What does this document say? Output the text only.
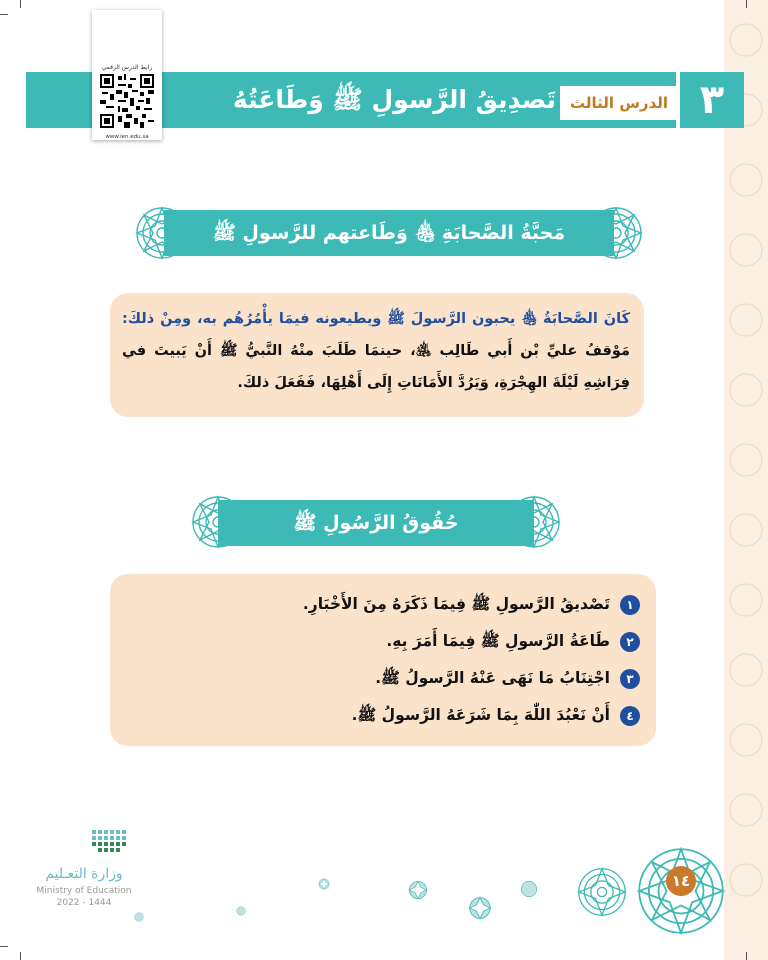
تَصدِيقُ الرَّسولِ ﷺ وَطَاعَتُهُ الدرس الثالث ٣
رابط الدرس الرقمي
www.ien.edu.sa
مَحبَّةُ الصَّحابَةِ ﵃ وَطَاعتهم للرَّسولِ ﷺ
كَانَ الصَّحابَةُ ﵃ يحبون الرَّسولَ ﷺ ويطيعونه فيمَا يأْمُرُهُم به، ومِنْ ذلكَ: مَوْقفُ عليِّ بْن أَبي طَالِب ﵁، حينمَا طَلَبَ منْهُ النَّبيُّ ﷺ أَنْ يَبيتَ في فِرَاشِهِ لَيْلَةَ الهِجْرَةِ، وَيَرُدَّ الأَمَانَاتِ إِلَى أَهْلِهَا، فَفَعَلَ ذلكَ.
حُقُوقُ الرَّسُولِ ﷺ
١
تَصْديقُ الرَّسولِ ﷺ فِيمَا ذَكَرَهُ مِنَ الأَخْبَارِ.
٢
طَاعَةُ الرَّسولِ ﷺ فِيمَا أَمَرَ بِهِ.
٣
اجْتِنَابُ مَا نَهَى عَنْهُ الرَّسولُ ﷺ.
٤
أَنْ نَعْبُدَ اللّٰهَ بِمَا شَرَعَهُ الرَّسولُ ﷺ.
وزارة التعـليم
Ministry of Education
2022 - 1444
١٤
